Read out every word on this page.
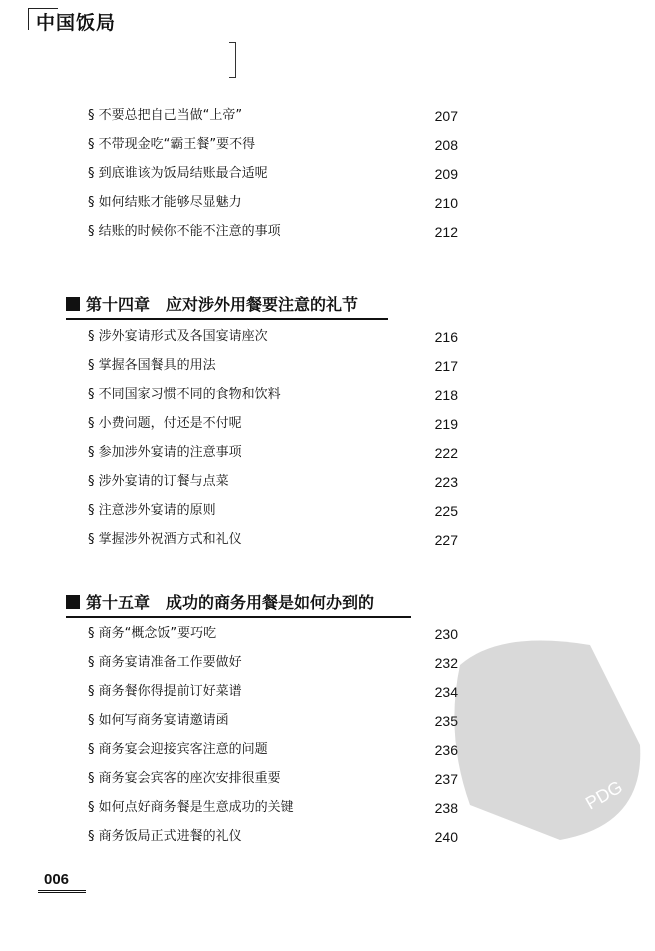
中国饭局
§ 不要总把自己当做“上帝”	207
§ 不带现金吃“霸王餐”要不得	208
§ 到底谁该为饭局结账最合适呢	209
§ 如何结账才能够尽显魅力	210
§ 结账的时候你不能不注意的事项	212
第十四章 应对涉外用餐要注意的礼节
§ 涉外宴请形式及各国宴请座次	216
§ 掌握各国餐具的用法	217
§ 不同国家习惯不同的食物和饮料	218
§ 小费问题，付还是不付呢	219
§ 参加涉外宴请的注意事项	222
§ 涉外宴请的订餐与点菜	223
§ 注意涉外宴请的原则	225
§ 掌握涉外祝酒方式和礼仪	227
第十五章 成功的商务用餐是如何办到的
§ 商务“概念饭”要巧吃	230
§ 商务宴请准备工作要做好	232
§ 商务餐你得提前订好菜谱	234
§ 如何写商务宴请邀请函	235
§ 商务宴会迎接宾客注意的问题	236
§ 商务宴会宾客的座次安排很重要	237
§ 如何点好商务餐是生意成功的关键	238
§ 商务饭局正式进餐的礼仪	240
PDG
006
